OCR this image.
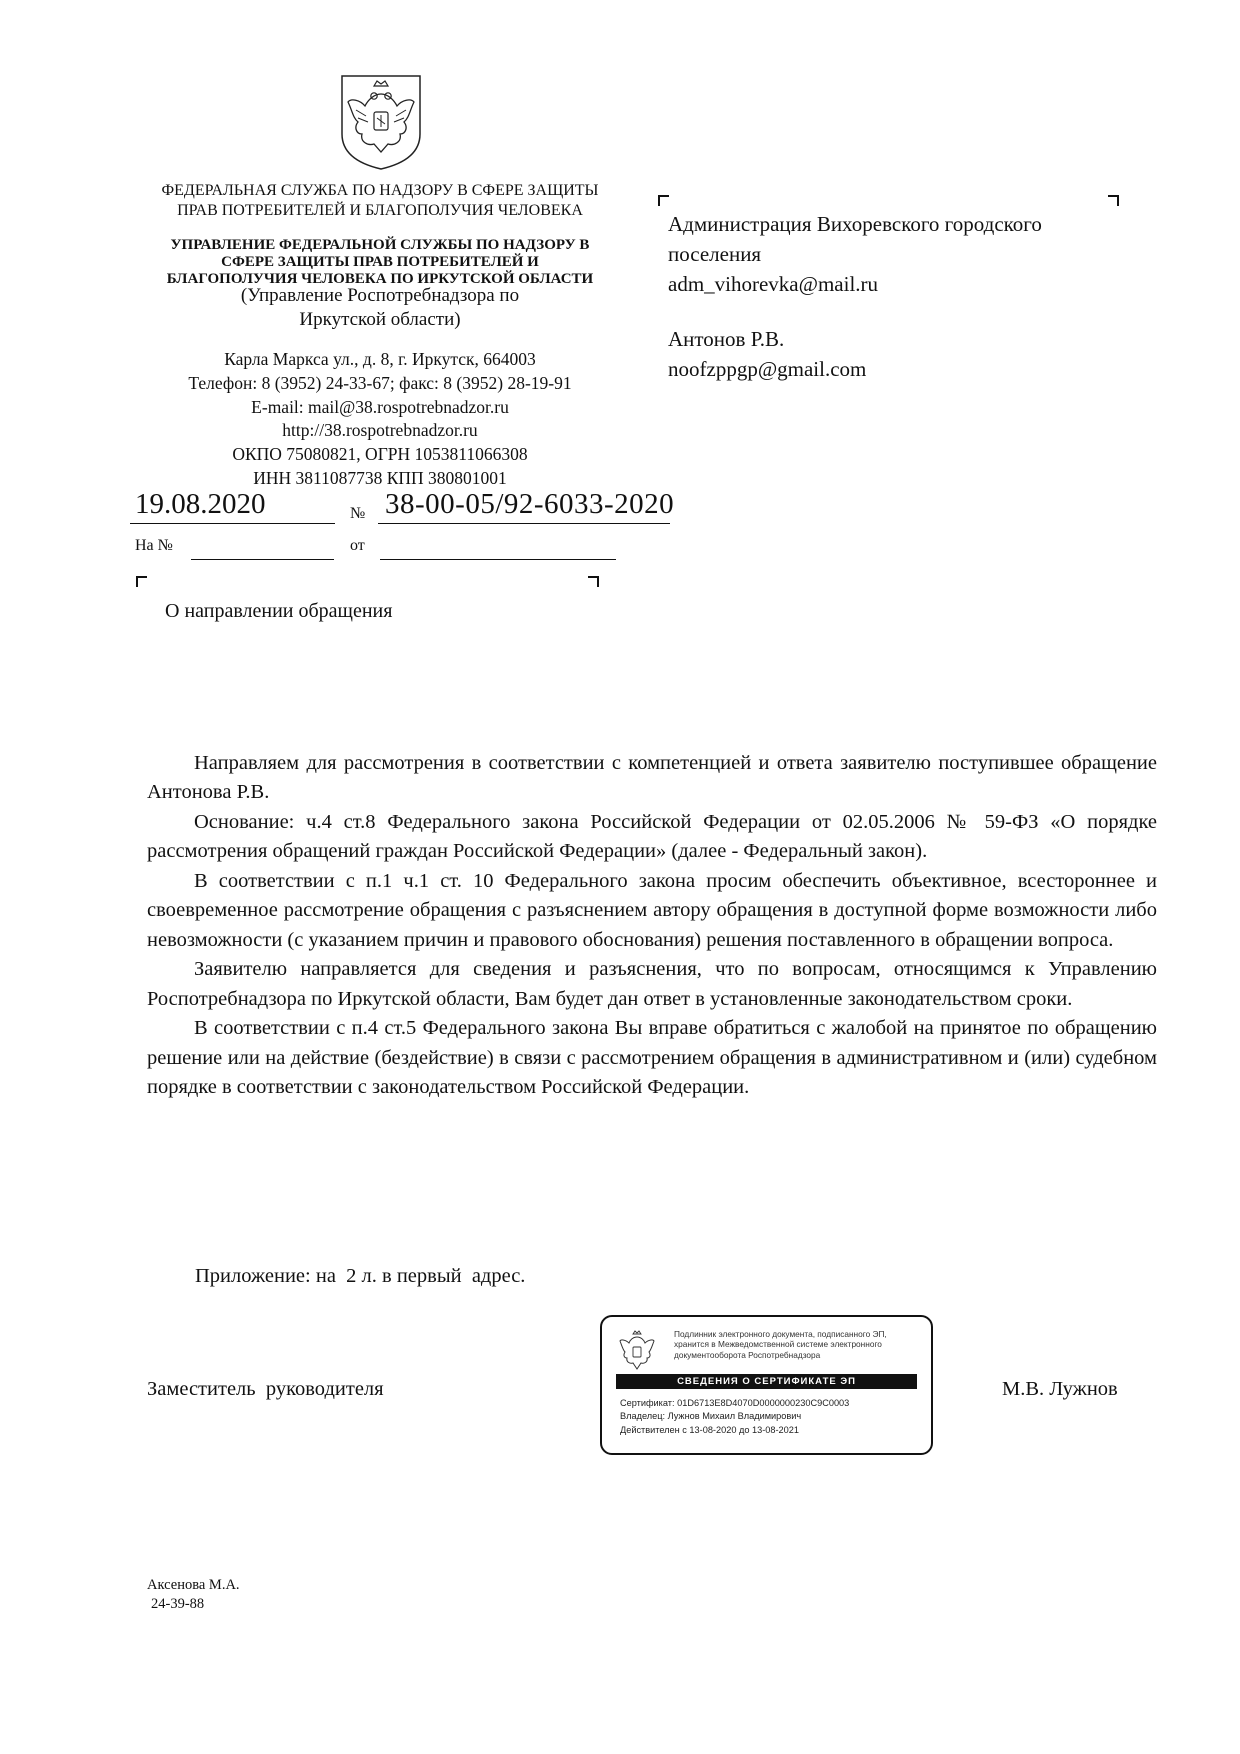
ФЕДЕРАЛЬНАЯ СЛУЖБА ПО НАДЗОРУ В СФЕРЕ ЗАЩИТЫ
ПРАВ ПОТРЕБИТЕЛЕЙ И БЛАГОПОЛУЧИЯ ЧЕЛОВЕКА
УПРАВЛЕНИЕ ФЕДЕРАЛЬНОЙ СЛУЖБЫ ПО НАДЗОРУ В
СФЕРЕ ЗАЩИТЫ ПРАВ ПОТРЕБИТЕЛЕЙ И
БЛАГОПОЛУЧИЯ ЧЕЛОВЕКА ПО ИРКУТСКОЙ ОБЛАСТИ
(Управление Роспотребнадзора по
Иркутской области)
Карла Маркса ул., д. 8, г. Иркутск, 664003
Телефон: 8 (3952) 24-33-67; факс: 8 (3952) 28-19-91
E-mail: mail@38.rospotrebnadzor.ru
http://38.rospotrebnadzor.ru
ОКПО 75080821, ОГРН 1053811066308
ИНН 3811087738 КПП 380801001
19.08.2020	№ 38-00-05/92-6033-2020
На №	от
Администрация Вихоревского городского
поселения
adm_vihorevka@mail.ru
Антонов Р.В.
noofzppgp@gmail.com
О направлении обращения

Направляем для рассмотрения в соответствии с компетенцией и ответа заявителю поступившее обращение Антонова Р.В.

Основание: ч.4 ст.8 Федерального закона Российской Федерации от 02.05.2006 № 59-ФЗ «О порядке рассмотрения обращений граждан Российской Федерации» (далее - Федеральный закон).

В соответствии с п.1 ч.1 ст. 10 Федерального закона просим обеспечить объективное, всестороннее и своевременное рассмотрение обращения с разъяснением автору обращения в доступной форме возможности либо невозможности (с указанием причин и правового обоснования) решения поставленного в обращении вопроса.

Заявителю направляется для сведения и разъяснения, что по вопросам, относящимся к Управлению Роспотребнадзора по Иркутской области, Вам будет дан ответ в установленные законодательством сроки.

В соответствии с п.4 ст.5 Федерального закона Вы вправе обратиться с жалобой на принятое по обращению решение или на действие (бездействие) в связи с рассмотрением обращения в административном и (или) судебном порядке в соответствии с законодательством Российской Федерации.

Приложение: на  2 л. в первый  адрес.
Заместитель  руководителя
Подлинник электронного документа, подписанного ЭП,
хранится в Межведомственной системе электронного
документооборота Роспотребнадзора
СВЕДЕНИЯ О СЕРТИФИКАТЕ ЭП
Сертификат: 01D6713E8D4070D0000000230C9C0003
Владелец: Лужнов Михаил Владимирович
Действителен с 13-08-2020 до 13-08-2021
М.В. Лужнов
Аксенова М.А.
24-39-88
